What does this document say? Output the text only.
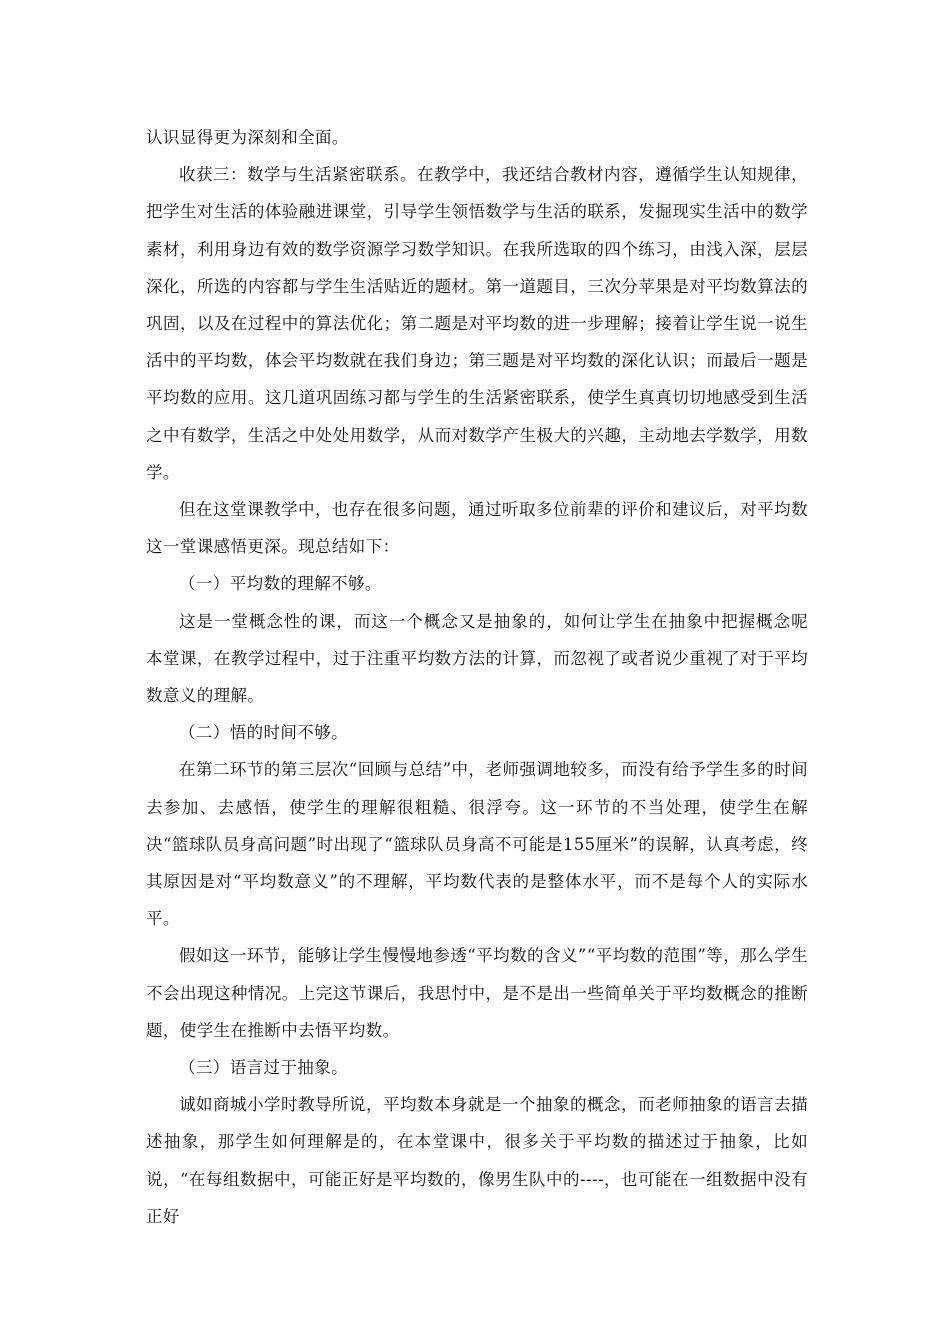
认识显得更为深刻和全面。

收获三：数学与生活紧密联系。在教学中，我还结合教材内容，遵循学生认知规律，把学生对生活的体验融进课堂，引导学生领悟数学与生活的联系，发掘现实生活中的数学素材，利用身边有效的数学资源学习数学知识。在我所选取的四个练习，由浅入深，层层深化，所选的内容都与学生生活贴近的题材。第一道题目，三次分苹果是对平均数算法的巩固，以及在过程中的算法优化；第二题是对平均数的进一步理解；接着让学生说一说生活中的平均数，体会平均数就在我们身边；第三题是对平均数的深化认识；而最后一题是平均数的应用。这几道巩固练习都与学生的生活紧密联系，使学生真真切切地感受到生活之中有数学，生活之中处处用数学，从而对数学产生极大的兴趣，主动地去学数学，用数学。

但在这堂课教学中，也存在很多问题，通过听取多位前辈的评价和建议后，对平均数这一堂课感悟更深。现总结如下：

（一）平均数的理解不够。

这是一堂概念性的课，而这一个概念又是抽象的，如何让学生在抽象中把握概念呢 本堂课，在教学过程中，过于注重平均数方法的计算，而忽视了或者说少重视了对于平均数意义的理解。

（二）悟的时间不够。

在第二环节的第三层次“回顾与总结”中，老师强调地较多，而没有给予学生多的时间去参加、去感悟，使学生的理解很粗糙、很浮夸。这一环节的不当处理，使学生在解决“篮球队员身高问题”时出现了“篮球队员身高不可能是155厘米”的误解，认真考虑，终其原因是对“平均数意义”的不理解，平均数代表的是整体水平，而不是每个人的实际水平。

假如这一环节，能够让学生慢慢地参透“平均数的含义”“平均数的范围”等，那么学生不会出现这种情况。上完这节课后，我思忖中，是不是出一些简单关于平均数概念的推断题，使学生在推断中去悟平均数。

（三）语言过于抽象。

诚如商城小学时教导所说，平均数本身就是一个抽象的概念，而老师抽象的语言去描述抽象，那学生如何理解是的，在本堂课中，很多关于平均数的描述过于抽象，比如说，“在每组数据中，可能正好是平均数的，像男生队中的----，也可能在一组数据中没有正好
